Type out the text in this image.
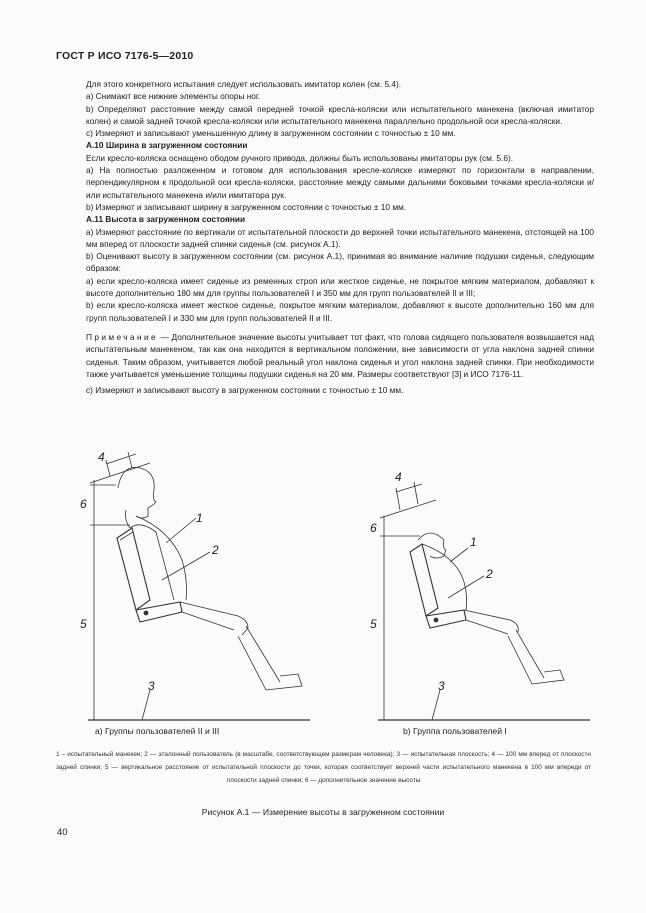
ГОСТ Р ИСО 7176-5—2010

Для этого конкретного испытания следует использовать имитатор колен (см. 5.4).

а) Снимают все нижние элементы опоры ног.

b) Определяют расстояние между самой передней точкой кресла-коляски или испытательного манекена (включая имитатор колен) и самой задней точкой кресла-коляски или испытательного манекена параллельно продольной оси кресла-коляски.

c) Измеряют и записывают уменьшенную длину в загруженном состоянии с точностью ± 10 мм.

А.10 Ширина в загруженном состоянии

Если кресло-коляска оснащено ободом ручного привода, должны быть использованы имитаторы рук (см. 5.6).

а) На полностью разложенном и готовом для использования кресле-коляске измеряют по горизонтали в направлении, перпендикулярном к продольной оси кресла-коляски, расстояние между самыми дальними боковыми точками кресла-коляски и/или испытательного манекена и/или имитатора рук.

b) Измеряют и записывают ширину в загруженном состоянии с точностью ± 10 мм.

А.11 Высота в загруженном состоянии

а) Измеряют расстояние по вертикали от испытательной плоскости до верхней точки испытательного манекена, отстоящей на 100 мм вперед от плоскости задней спинки сиденья (см. рисунок А.1).

b) Оценивают высоту в загруженном состоянии (см. рисунок А.1), принимая во внимание наличие подушки сиденья, следующим образом:

а) если кресло-коляска имеет сиденье из ременных строп или жесткое сиденье, не покрытое мягким материалом, добавляют к высоте дополнительно 180 мм для группы пользователей I и 350 мм для групп пользователей II и III;

b) если кресло-коляска имеет жесткое сиденье, покрытое мягким материалом, добавляют к высоте дополнительно 160 мм для групп пользователей I и 330 мм для групп пользователей II и III.

Примечание — Дополнительное значение высоты учитывает тот факт, что голова сидящего пользователя возвышается над испытательным манекеном, так как она находится в вертикальном положении, вне зависимости от угла наклона задней спинки сиденья. Таким образом, учитывается любой реальный угол наклона сиденья и угол наклона задней спинки. При необходимости также учитывается уменьшение толщины подушки сиденья на 20 мм. Размеры соответствуют [3] и ИСО 7176-11.

c) Измеряют и записывают высоту в загруженном состоянии с точностью ± 10 мм.

4
6
5
1
2
3
4
6
5
1
2
3
a) Группы пользователей II и III	b) Группа пользователей I
1 – испытательный манекен; 2 — эталонный пользователь (в масштабе, соответствующем размерам человека); 3 — испытательная плоскость; 4 — 100 мм вперед от плоскости задней спинки; 5 — вертикальное расстояние от испытательной плоскости до точки, которая соответствует верхней части испытательного манекена в 100 мм впереди от плоскости задней спинки; 6 — дополнительное значение высоты
Рисунок А.1 — Измерение высоты в загруженном состоянии
40
